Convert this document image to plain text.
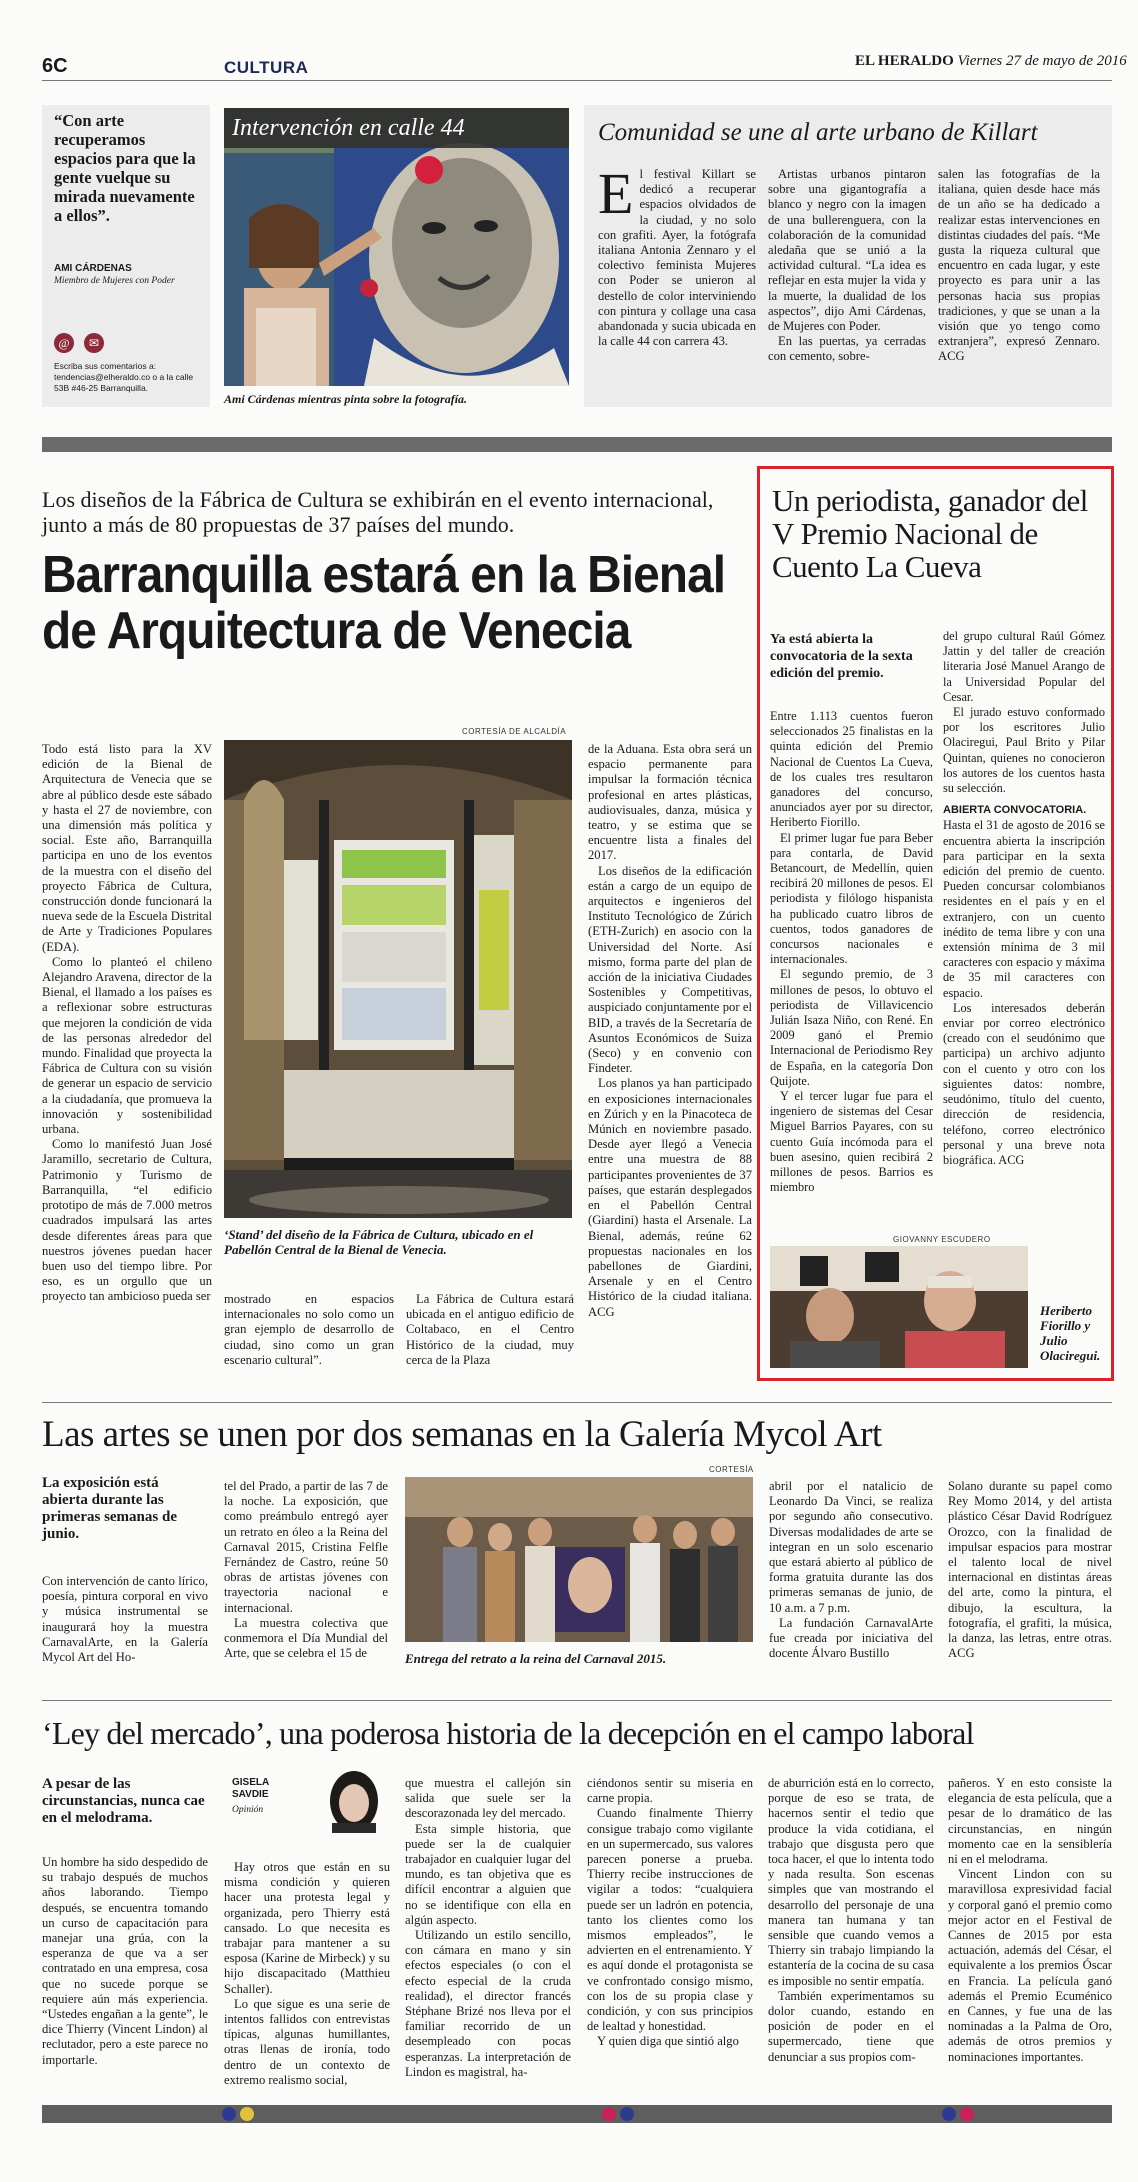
6C	CULTURA	EL HERALDO Viernes 27 de mayo de 2016
“Con arte recuperamos espacios para que la gente vuelque su mirada nuevamente a ellos”.
AMI CÁRDENAS
Miembro de Mujeres con Poder
@ ✉
Escriba sus comentarios a: tendencias@elheraldo.co o a la calle 53B #46-25 Barranquilla.
Intervención en calle 44
Ami Cárdenas mientras pinta sobre la fotografía.
Comunidad se une al arte urbano de Killart
El festival Killart se dedicó a recuperar espacios olvidados de la ciudad, y no solo con grafiti. Ayer, la fotógrafa italiana Antonia Zennaro y el colectivo feminista Mujeres con Poder se unieron al destello de color interviniendo con pintura y collage una casa abandonada y sucia ubicada en la calle 44 con carrera 43.

Artistas urbanos pintaron sobre una gigantografía a blanco y negro con la imagen de una bullerenguera, con la colaboración de la comunidad aledaña que se unió a la actividad cultural. “La idea es reflejar en esta mujer la vida y la muerte, la dualidad de los aspectos”, dijo Ami Cárdenas, de Mujeres con Poder.

En las puertas, ya cerradas con cemento, sobre-

salen las fotografías de la italiana, quien desde hace más de un año se ha dedicado a realizar estas intervenciones en distintas ciudades del país. “Me gusta la riqueza cultural que encuentro en cada lugar, y este proyecto es para unir a las personas hacia sus propias tradiciones, y que se unan a la visión que yo tengo como extranjera”, expresó Zennaro. ACG

Los diseños de la Fábrica de Cultura se exhibirán en el evento internacional, junto a más de 80 propuestas de 37 países del mundo.
Barranquilla estará en la Bienal de Arquitectura de Venecia

Todo está listo para la XV edición de la Bienal de Arquitectura de Venecia que se abre al público desde este sábado y hasta el 27 de noviembre, con una dimensión más política y social. Este año, Barranquilla participa en uno de los eventos de la muestra con el diseño del proyecto Fábrica de Cultura, construcción donde funcionará la nueva sede de la Escuela Distrital de Arte y Tradiciones Populares (EDA).

Como lo planteó el chileno Alejandro Aravena, director de la Bienal, el llamado a los países es a reflexionar sobre estructuras que mejoren la condición de vida de las personas alrededor del mundo. Finalidad que proyecta la Fábrica de Cultura con su visión de generar un espacio de servicio a la ciudadanía, que promueva la innovación y sostenibilidad urbana.

Como lo manifestó Juan José Jaramillo, secretario de Cultura, Patrimonio y Turismo de Barranquilla, “el edificio prototipo de más de 7.000 metros cuadrados impulsará las artes desde diferentes áreas para que nuestros jóvenes puedan hacer buen uso del tiempo libre. Por eso, es un orgullo que un proyecto tan ambicioso pueda ser

CORTESÍA DE ALCALDÍA
‘Stand’ del diseño de la Fábrica de Cultura, ubicado en el Pabellón Central de la Bienal de Venecia.

mostrado en espacios internacionales no solo como un gran ejemplo de desarrollo de ciudad, sino como un gran escenario cultural”.

La Fábrica de Cultura estará ubicada en el antiguo edificio de Coltabaco, en el Centro Histórico de la ciudad, muy cerca de la Plaza

de la Aduana. Esta obra será un espacio permanente para impulsar la formación técnica profesional en artes plásticas, audiovisuales, danza, música y teatro, y se estima que se encuentre lista a finales del 2017.

Los diseños de la edificación están a cargo de un equipo de arquitectos e ingenieros del Instituto Tecnológico de Zúrich (ETH-Zurich) en asocio con la Universidad del Norte. Así mismo, forma parte del plan de acción de la iniciativa Ciudades Sostenibles y Competitivas, auspiciado conjuntamente por el BID, a través de la Secretaría de Asuntos Económicos de Suiza (Seco) y en convenio con Findeter.

Los planos ya han participado en exposiciones internacionales en Zúrich y en la Pinacoteca de Múnich en noviembre pasado. Desde ayer llegó a Venecia entre una muestra de 88 participantes provenientes de 37 países, que estarán desplegados en el Pabellón Central (Giardini) hasta el Arsenale. La Bienal, además, reúne 62 propuestas nacionales en los pabellones de Giardini, Arsenale y en el Centro Histórico de la ciudad italiana. ACG

Un periodista, ganador del V Premio Nacional de Cuento La Cueva
Ya está abierta la convocatoria de la sexta edición del premio.

Entre 1.113 cuentos fueron seleccionados 25 finalistas en la quinta edición del Premio Nacional de Cuentos La Cueva, de los cuales tres resultaron ganadores del concurso, anunciados ayer por su director, Heriberto Fiorillo.

El primer lugar fue para Beber para contarla, de David Betancourt, de Medellín, quien recibirá 20 millones de pesos. El periodista y filólogo hispanista ha publicado cuatro libros de cuentos, todos ganadores de concursos nacionales e internacionales.

El segundo premio, de 3 millones de pesos, lo obtuvo el periodista de Villavicencio Julián Isaza Niño, con René. En 2009 ganó el Premio Internacional de Periodismo Rey de España, en la categoría Don Quijote.

Y el tercer lugar fue para el ingeniero de sistemas del Cesar Miguel Barrios Payares, con su cuento Guía incómoda para el buen asesino, quien recibirá 2 millones de pesos. Barrios es miembro

del grupo cultural Raúl Gómez Jattin y del taller de creación literaria José Manuel Arango de la Universidad Popular del Cesar.

El jurado estuvo conformado por los escritores Julio Olaciregui, Paul Brito y Pilar Quintan, quienes no conocieron los autores de los cuentos hasta su selección.

ABIERTA CONVOCATORIA.

Hasta el 31 de agosto de 2016 se encuentra abierta la inscripción para participar en la sexta edición del premio de cuento. Pueden concursar colombianos residentes en el país y en el extranjero, con un cuento inédito de tema libre y con una extensión mínima de 3 mil caracteres con espacio y máxima de 35 mil caracteres con espacio.

Los interesados deberán enviar por correo electrónico (creado con el seudónimo que participa) un archivo adjunto con el cuento y otro con los siguientes datos: nombre, seudónimo, título del cuento, dirección de residencia, teléfono, correo electrónico personal y una breve nota biográfica. ACG

GIOVANNY ESCUDERO
Heriberto Fiorillo y Julio Olaciregui.
Las artes se unen por dos semanas en la Galería Mycol Art
La exposición está abierta durante las primeras semanas de junio.

Con intervención de canto lírico, poesía, pintura corporal en vivo y música instrumental se inaugurará hoy la muestra CarnavalArte, en la Galería Mycol Art del Ho-

tel del Prado, a partir de las 7 de la noche. La exposición, que como preámbulo entregó ayer un retrato en óleo a la Reina del Carnaval 2015, Cristina Felfle Fernández de Castro, reúne 50 obras de artistas jóvenes con trayectoria nacional e internacional.

La muestra colectiva que conmemora el Día Mundial del Arte, que se celebra el 15 de

CORTESÍA
Entrega del retrato a la reina del Carnaval 2015.

abril por el natalicio de Leonardo Da Vinci, se realiza por segundo año consecutivo. Diversas modalidades de arte se integran en un solo escenario que estará abierto al público de forma gratuita durante las dos primeras semanas de junio, de 10 a.m. a 7 p.m.

La fundación CarnavalArte fue creada por iniciativa del docente Álvaro Bustillo

Solano durante su papel como Rey Momo 2014, y del artista plástico César David Rodríguez Orozco, con la finalidad de impulsar espacios para mostrar el talento local de nivel internacional en distintas áreas del arte, como la pintura, el dibujo, la escultura, la fotografía, el grafiti, la música, la danza, las letras, entre otras. ACG

‘Ley del mercado’, una poderosa historia de la decepción en el campo laboral
A pesar de las circunstancias, nunca cae en el melodrama.

Un hombre ha sido despedido de su trabajo después de muchos años laborando. Tiempo después, se encuentra tomando un curso de capacitación para manejar una grúa, con la esperanza de que va a ser contratado en una empresa, cosa que no sucede porque se requiere aún más experiencia. “Ustedes engañan a la gente”, le dice Thierry (Vincent Lindon) al reclutador, pero a este parece no importarle.

GISELA SAVDIE
Opinión

Hay otros que están en su misma condición y quieren hacer una protesta legal y organizada, pero Thierry está cansado. Lo que necesita es trabajar para mantener a su esposa (Karine de Mirbeck) y su hijo discapacitado (Matthieu Schaller).

Lo que sigue es una serie de intentos fallidos con entrevistas típicas, algunas humillantes, otras llenas de ironía, todo dentro de un contexto de extremo realismo social,

que muestra el callejón sin salida que suele ser la descorazonada ley del mercado.

Esta simple historia, que puede ser la de cualquier trabajador en cualquier lugar del mundo, es tan objetiva que es difícil encontrar a alguien que no se identifique con ella en algún aspecto.

Utilizando un estilo sencillo, con cámara en mano y sin efectos especiales (o con el efecto especial de la cruda realidad), el director francés Stéphane Brizé nos lleva por el familiar recorrido de un desempleado con pocas esperanzas. La interpretación de Lindon es magistral, ha-

ciéndonos sentir su miseria en carne propia.

Cuando finalmente Thierry consigue trabajo como vigilante en un supermercado, sus valores parecen ponerse a prueba. Thierry recibe instrucciones de vigilar a todos: “cualquiera puede ser un ladrón en potencia, tanto los clientes como los mismos empleados”, le advierten en el entrenamiento. Y es aquí donde el protagonista se ve confrontado consigo mismo, con los de su propia clase y condición, y con sus principios de lealtad y honestidad.

Y quien diga que sintió algo

de aburrición está en lo correcto, porque de eso se trata, de hacernos sentir el tedio que produce la vida cotidiana, el trabajo que disgusta pero que toca hacer, el que lo intenta todo y nada resulta. Son escenas simples que van mostrando el desarrollo del personaje de una manera tan humana y tan sensible que cuando vemos a Thierry sin trabajo limpiando la estantería de la cocina de su casa es imposible no sentir empatía.

También experimentamos su dolor cuando, estando en posición de poder en el supermercado, tiene que denunciar a sus propios com-

pañeros. Y en esto consiste la elegancia de esta película, que a pesar de lo dramático de las circunstancias, en ningún momento cae en la sensiblería ni en el melodrama.

Vincent Lindon con su maravillosa expresividad facial y corporal ganó el premio como mejor actor en el Festival de Cannes de 2015 por esta actuación, además del César, el equivalente a los premios Óscar en Francia. La película ganó además el Premio Ecuménico en Cannes, y fue una de las nominadas a la Palma de Oro, además de otros premios y nominaciones importantes.
